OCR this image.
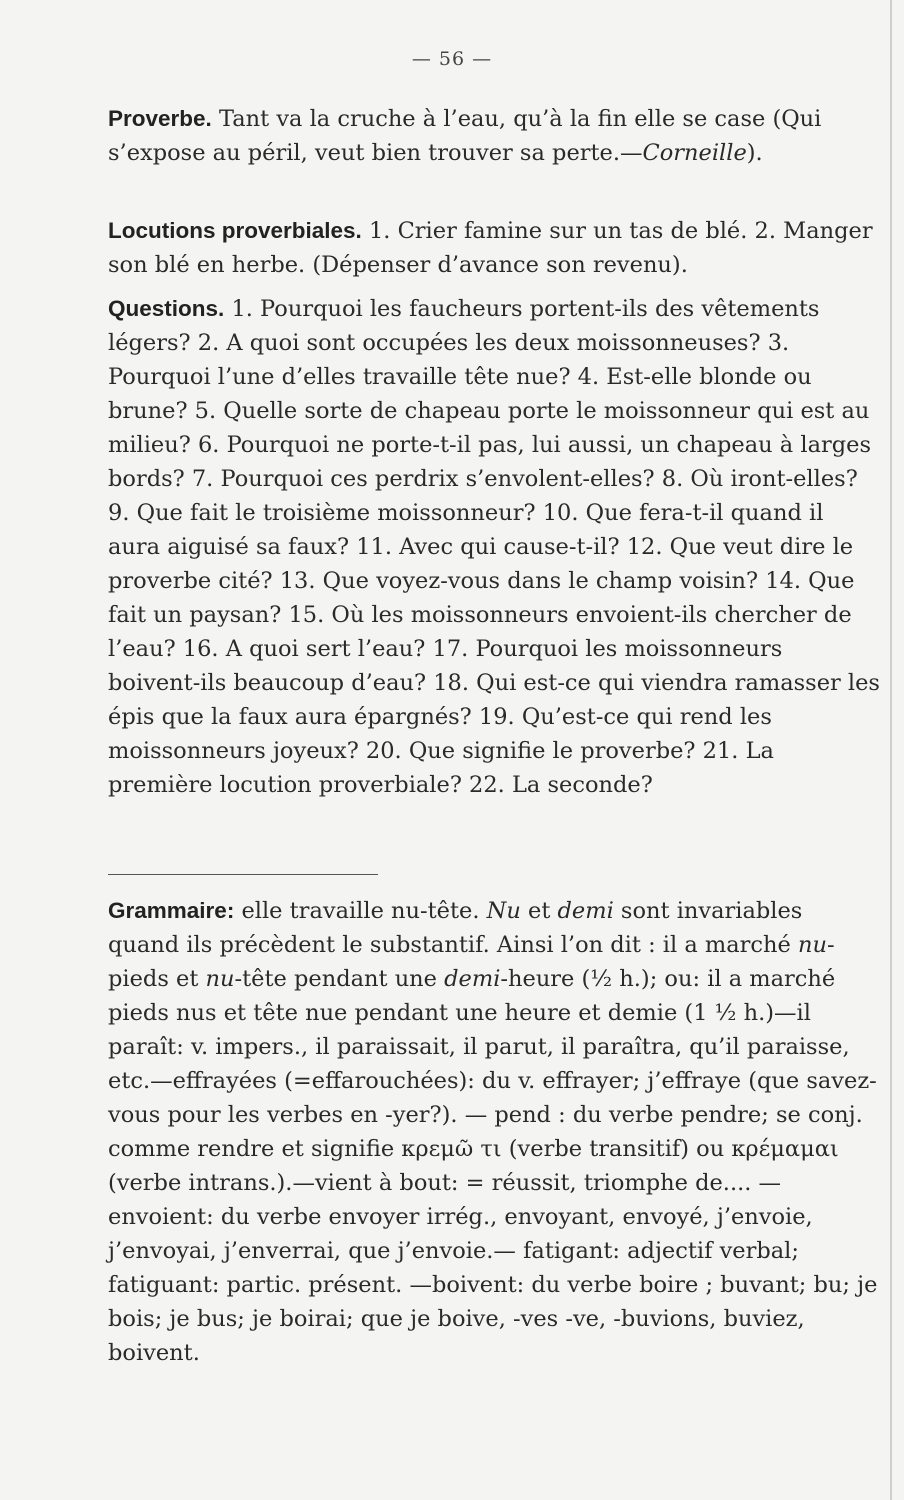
— 56 —
Proverbe. Tant va la cruche à l’eau, qu’à la fin elle se case (Qui s’expose au péril, veut bien trouver sa perte.—Corneille).
Locutions proverbiales. 1. Crier famine sur un tas de blé. 2. Manger son blé en herbe. (Dépenser d’avance son revenu).
Questions. 1. Pourquoi les faucheurs portent-ils des vêtements légers? 2. A quoi sont occupées les deux moissonneuses? 3. Pourquoi l’une d’elles travaille tête nue? 4. Est-elle blonde ou brune? 5. Quelle sorte de chapeau porte le moissonneur qui est au milieu? 6. Pourquoi ne porte-t-il pas, lui aussi, un chapeau à larges bords? 7. Pourquoi ces perdrix s’envolent-elles? 8. Où iront-elles? 9. Que fait le troisième moissonneur? 10. Que fera-t-il quand il aura aiguisé sa faux? 11. Avec qui cause-t-il? 12. Que veut dire le proverbe cité? 13. Que voyez-vous dans le champ voisin? 14. Que fait un paysan? 15. Où les moissonneurs envoient-ils chercher de l’eau? 16. A quoi sert l’eau? 17. Pourquoi les moissonneurs boivent-ils beaucoup d’eau? 18. Qui est-ce qui viendra ramasser les épis que la faux aura épargnés? 19. Qu’est-ce qui rend les moissonneurs joyeux? 20. Que signifie le proverbe? 21. La première locution proverbiale? 22. La seconde?
Grammaire: elle travaille nu-tête. Nu et demi sont invariables quand ils précèdent le substantif. Ainsi l’on dit : il a marché nu-pieds et nu-tête pendant une demi-heure (½ h.); ou: il a marché pieds nus et tête nue pendant une heure et demie (1 ½ h.)—il paraît: v. impers., il paraissait, il parut, il paraîtra, qu’il paraisse, etc.—effrayées (=effarouchées): du v. effrayer; j’effraye (que savez-vous pour les verbes en -yer?). — pend : du verbe pendre; se conj. comme rendre et signifie κρεμῶ τι (verbe transitif) ou κρέμαμαι (verbe intrans.).—vient à bout: = réussit, triomphe de.... — envoient: du verbe envoyer irrég., envoyant, envoyé, j’envoie, j’envoyai, j’enverrai, que j’envoie.— fatigant: adjectif verbal; fatiguant: partic. présent. —boivent: du verbe boire ; buvant; bu; je bois; je bus; je boirai; que je boive, -ves -ve, -buvions, buviez, boivent.
